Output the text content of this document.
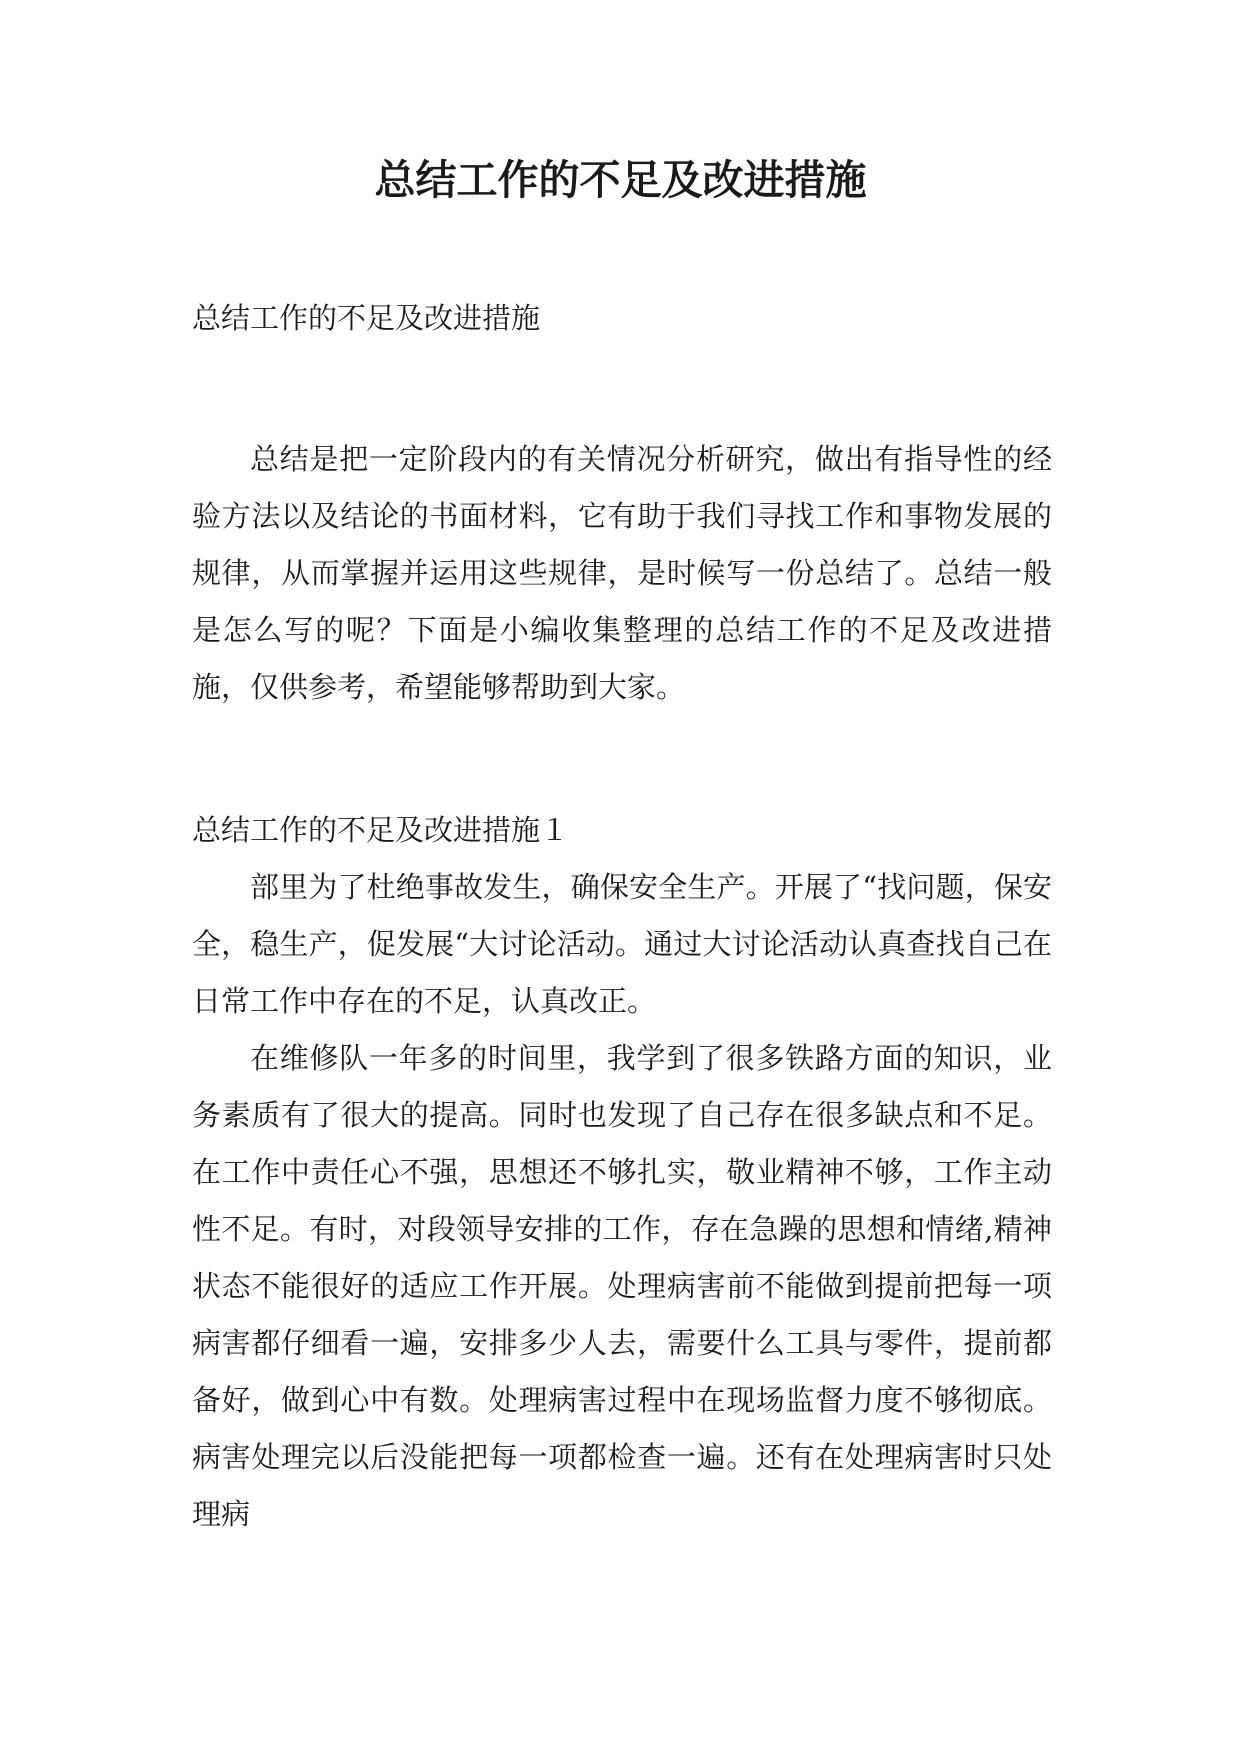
总结工作的不足及改进措施

总结工作的不足及改进措施

总结是把一定阶段内的有关情况分析研究，做出有指导性的经验方法以及结论的书面材料，它有助于我们寻找工作和事物发展的规律，从而掌握并运用这些规律，是时候写一份总结了。总结一般是怎么写的呢？下面是小编收集整理的总结工作的不足及改进措施，仅供参考，希望能够帮助到大家。

总结工作的不足及改进措施１

部里为了杜绝事故发生，确保安全生产。开展了“找问题，保安全，稳生产，促发展“大讨论活动。通过大讨论活动认真查找自己在日常工作中存在的不足，认真改正。

在维修队一年多的时间里，我学到了很多铁路方面的知识，业务素质有了很大的提高。同时也发现了自己存在很多缺点和不足。 在工作中责任心不强，思想还不够扎实，敬业精神不够，工作主动性不足。有时，对段领导安排的工作，存在急躁的思想和情绪,精神状态不能很好的适应工作开展。处理病害前不能做到提前把每一项病害都仔细看一遍，安排多少人去，需要什么工具与零件，提前都备好，做到心中有数。处理病害过程中在现场监督力度不够彻底。病害处理完以后没能把每一项都检查一遍。还有在处理病害时只处理病
